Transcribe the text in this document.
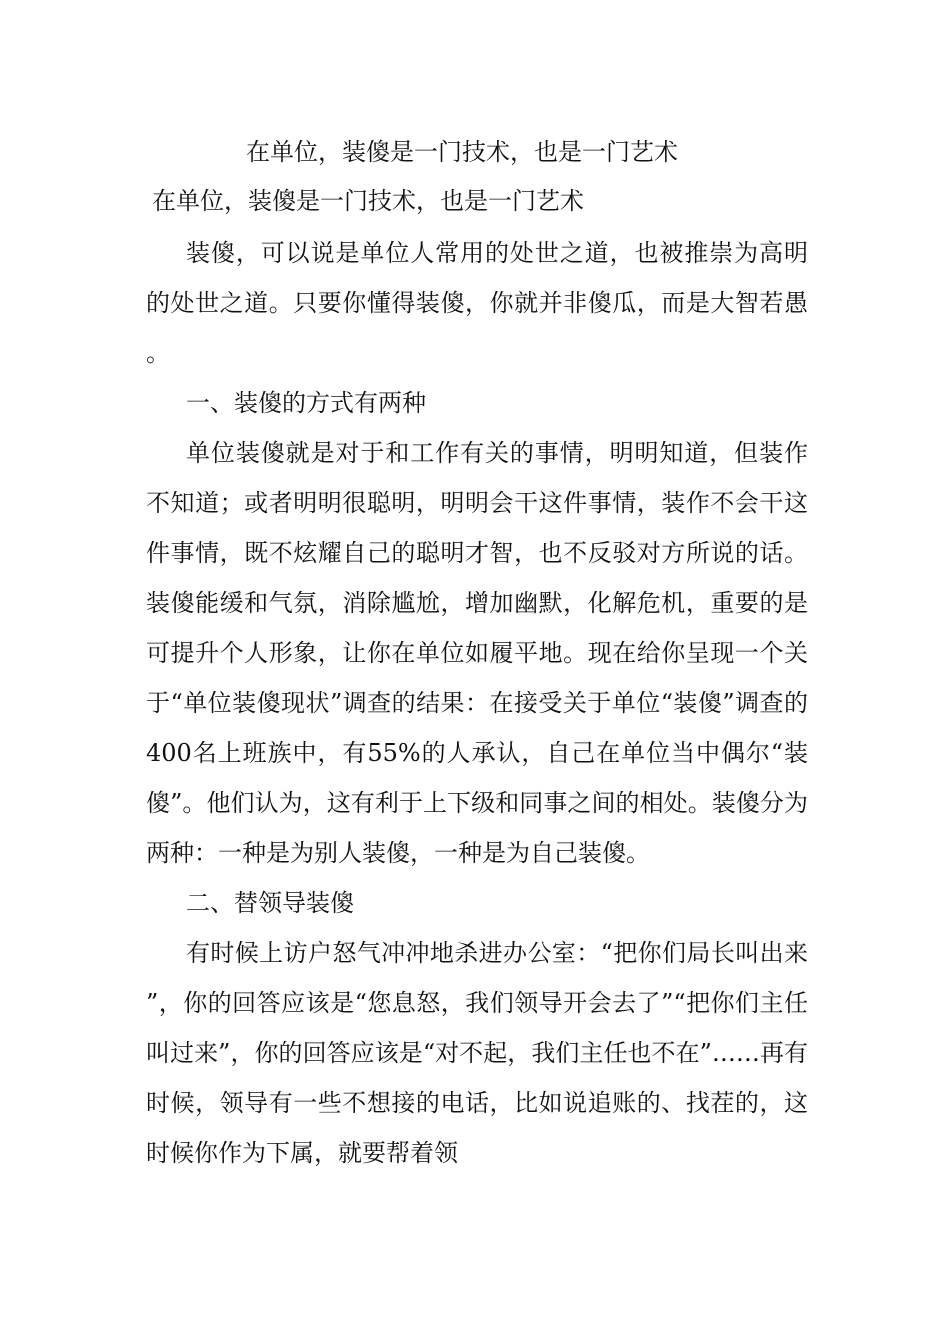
在单位，装傻是一门技术，也是一门艺术
在单位，装傻是一门技术，也是一门艺术

装傻，可以说是单位人常用的处世之道，也被推崇为高明的处世之道。只要你懂得装傻，你就并非傻瓜，而是大智若愚。

一、装傻的方式有两种

单位装傻就是对于和工作有关的事情，明明知道，但装作不知道；或者明明很聪明，明明会干这件事情，装作不会干这件事情，既不炫耀自己的聪明才智，也不反驳对方所说的话。装傻能缓和气氛，消除尴尬，增加幽默，化解危机，重要的是可提升个人形象，让你在单位如履平地。现在给你呈现一个关于“单位装傻现状”调查的结果：在接受关于单位“装傻”调查的400名上班族中，有55%的人承认，自己在单位当中偶尔“装傻”。他们认为，这有利于上下级和同事之间的相处。装傻分为两种：一种是为别人装傻，一种是为自己装傻。

二、替领导装傻

有时候上访户怒气冲冲地杀进办公室：“把你们局长叫出来”，你的回答应该是“您息怒，我们领导开会去了”“把你们主任叫过来”，你的回答应该是“对不起，我们主任也不在”……再有时候，领导有一些不想接的电话，比如说追账的、找茬的，这时候你作为下属，就要帮着领
